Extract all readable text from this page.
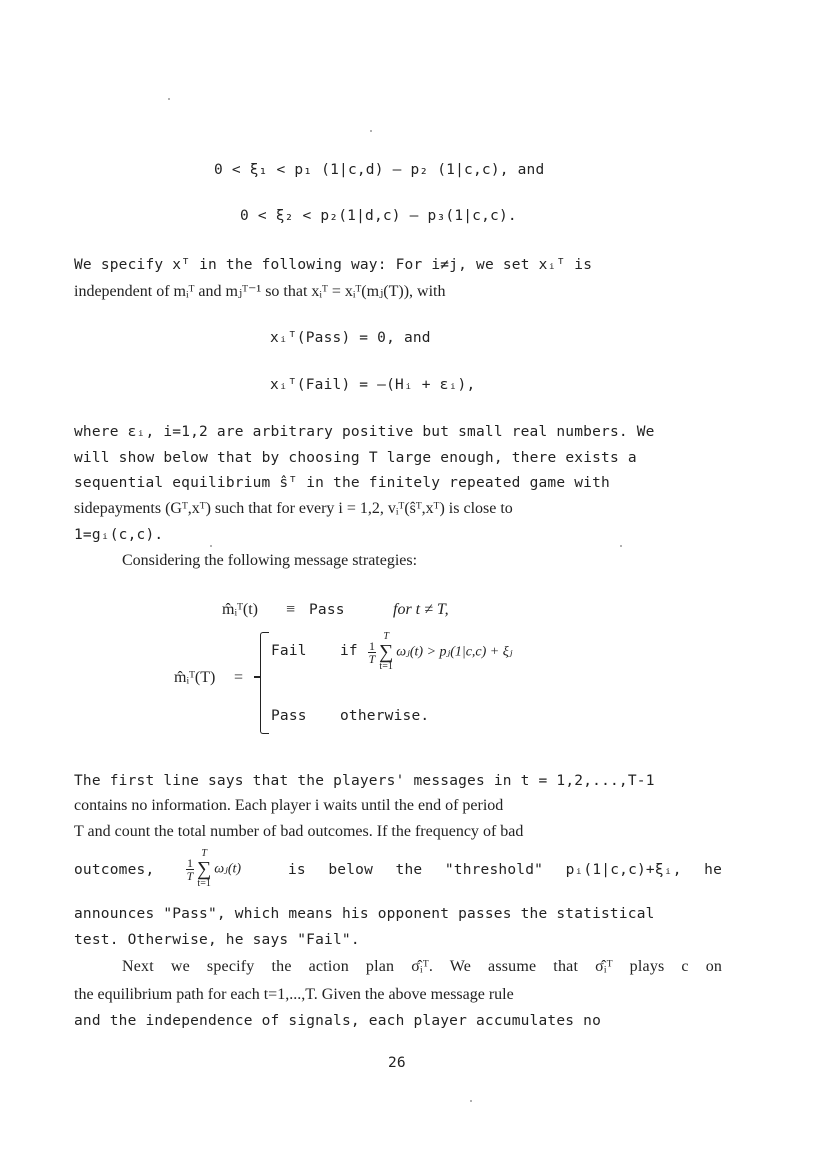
0 < ξ₁ < p₁ (1|c,d) – p₂ (1|c,c), and
0 < ξ₂ < p₂(1|d,c) – p₃(1|c,c).
We specify xᵀ in the following way: For i≠j, we set xᵢᵀ is
independent of mᵢᵀ and mⱼᵀ⁻¹ so that xᵢᵀ = xᵢᵀ(mⱼ(T)), with
xᵢᵀ(Pass) = 0, and
xᵢᵀ(Fail) = –(Hᵢ + εᵢ),
where εᵢ, i=1,2 are arbitrary positive but small real numbers. We
will show below that by choosing T large enough, there exists a
sequential equilibrium ŝᵀ in the finitely repeated game with
sidepayments (Gᵀ,xᵀ) such that for every i = 1,2, vᵢᵀ(ŝᵀ,xᵀ) is close to
1=gᵢ(c,c).
Considering the following message strategies:
m̂ᵢᵀ(t) ≡ Pass	for t ≠ T,
m̂ᵢᵀ(T) =
Fail if $\frac{1}{T}$
T
∑
t=1ωⱼ(t) > pⱼ(1|c,c) + ξⱼ
Pass otherwise.
The first line says that the players' messages in t = 1,2,...,T-1
contains no information. Each player i waits until the end of period
T and count the total number of bad outcomes. If the frequency of bad
outcomes,	$\frac{1}{T}$
T
∑
t=1ωⱼ(t)	is below the "threshold" pᵢ(1|c,c)+ξᵢ, he
announces "Pass", which means his opponent passes the statistical
test. Otherwise, he says "Fail".
Next we specify the action plan σ̂ᵢᵀ. We assume that σ̂ᵢᵀ plays c on
the equilibrium path for each t=1,...,T. Given the above message rule
and the independence of signals, each player accumulates no
26
